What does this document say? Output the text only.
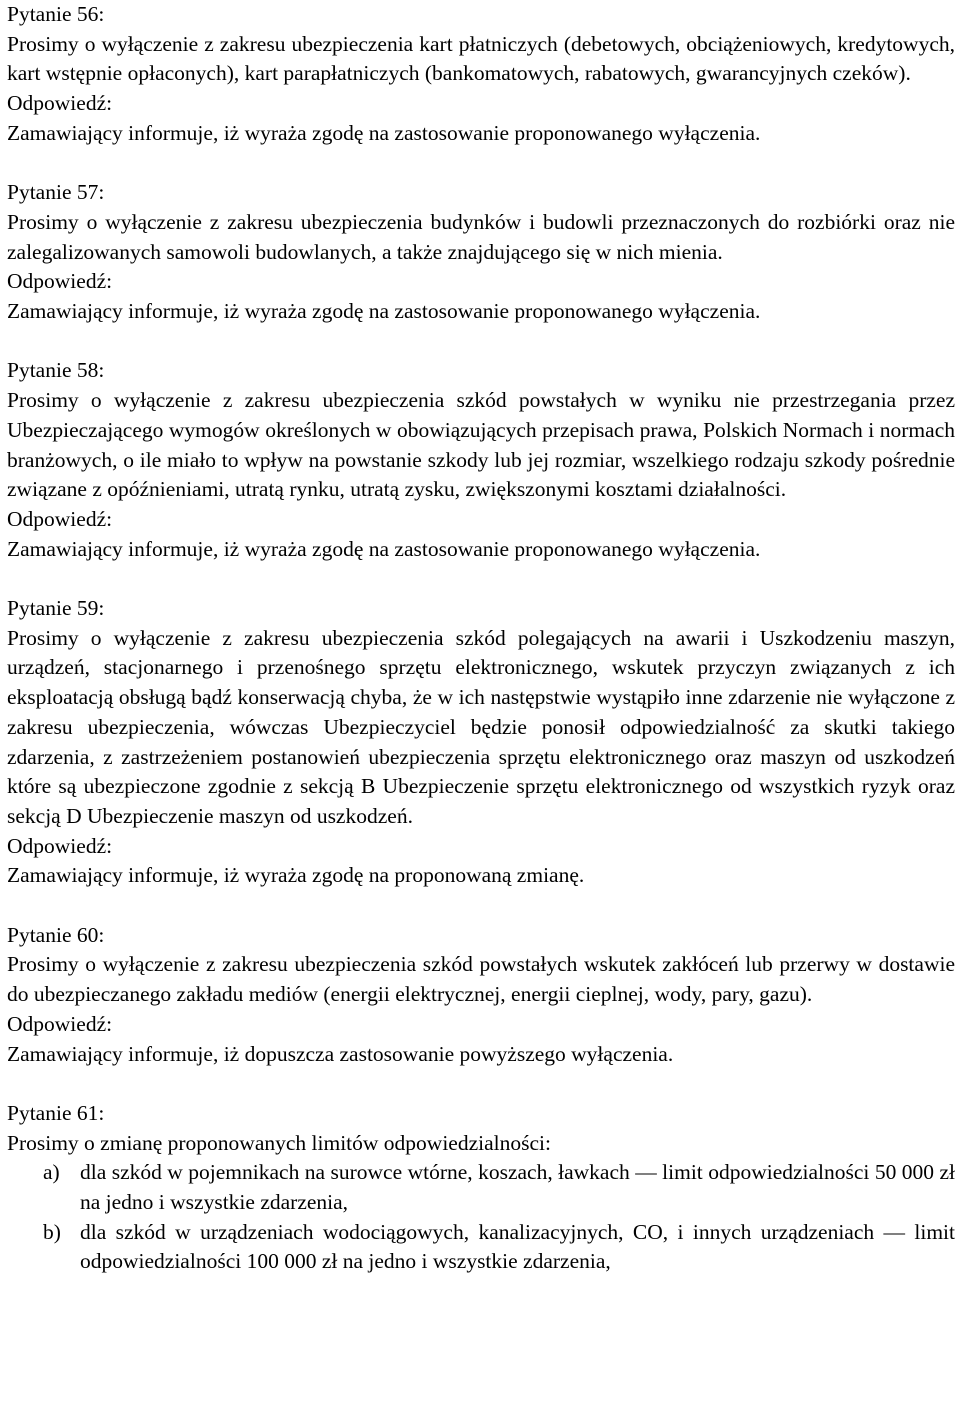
Pytanie 56:

Prosimy o wyłączenie z zakresu ubezpieczenia kart płatniczych (debetowych, obciążeniowych, kredytowych, kart wstępnie opłaconych), kart parapłatniczych (bankomatowych, rabatowych, gwarancyjnych czeków).

Odpowiedź:

Zamawiający informuje, iż wyraża zgodę na zastosowanie proponowanego wyłączenia.

Pytanie 57:

Prosimy o wyłączenie z zakresu ubezpieczenia budynków i budowli przeznaczonych do rozbiórki oraz nie zalegalizowanych samowoli budowlanych, a także znajdującego się w nich mienia.

Odpowiedź:

Zamawiający informuje, iż wyraża zgodę na zastosowanie proponowanego wyłączenia.

Pytanie 58:

Prosimy o wyłączenie z zakresu ubezpieczenia szkód powstałych w wyniku nie przestrzegania przez Ubezpieczającego wymogów określonych w obowiązujących przepisach prawa, Polskich Normach i normach branżowych, o ile miało to wpływ na powstanie szkody lub jej rozmiar, wszelkiego rodzaju szkody pośrednie związane z opóźnieniami, utratą rynku, utratą zysku, zwiększonymi kosztami działalności.

Odpowiedź:

Zamawiający informuje, iż wyraża zgodę na zastosowanie proponowanego wyłączenia.

Pytanie 59:

Prosimy o wyłączenie z zakresu ubezpieczenia szkód polegających na awarii i Uszkodzeniu maszyn, urządzeń, stacjonarnego i przenośnego sprzętu elektronicznego, wskutek przyczyn związanych z ich eksploatacją obsługą bądź konserwacją chyba, że w ich następstwie wystąpiło inne zdarzenie nie wyłączone z zakresu ubezpieczenia, wówczas Ubezpieczyciel będzie ponosił odpowiedzialność za skutki takiego zdarzenia, z zastrzeżeniem postanowień ubezpieczenia sprzętu elektronicznego oraz maszyn od uszkodzeń które są ubezpieczone zgodnie z sekcją B Ubezpieczenie sprzętu elektronicznego od wszystkich ryzyk oraz sekcją D Ubezpieczenie maszyn od uszkodzeń.

Odpowiedź:

Zamawiający informuje, iż wyraża zgodę na proponowaną zmianę.

Pytanie 60:

Prosimy o wyłączenie z zakresu ubezpieczenia szkód powstałych wskutek zakłóceń lub przerwy w dostawie do ubezpieczanego zakładu mediów (energii elektrycznej, energii cieplnej, wody, pary, gazu).

Odpowiedź:

Zamawiający informuje, iż dopuszcza zastosowanie powyższego wyłączenia.

Pytanie 61:

Prosimy o zmianę proponowanych limitów odpowiedzialności:

a) dla szkód w pojemnikach na surowce wtórne, koszach, ławkach — limit odpowiedzialności 50 000 zł na jedno i wszystkie zdarzenia,
b) dla szkód w urządzeniach wodociągowych, kanalizacyjnych, CO, i innych urządzeniach — limit odpowiedzialności 100 000 zł na jedno i wszystkie zdarzenia,
